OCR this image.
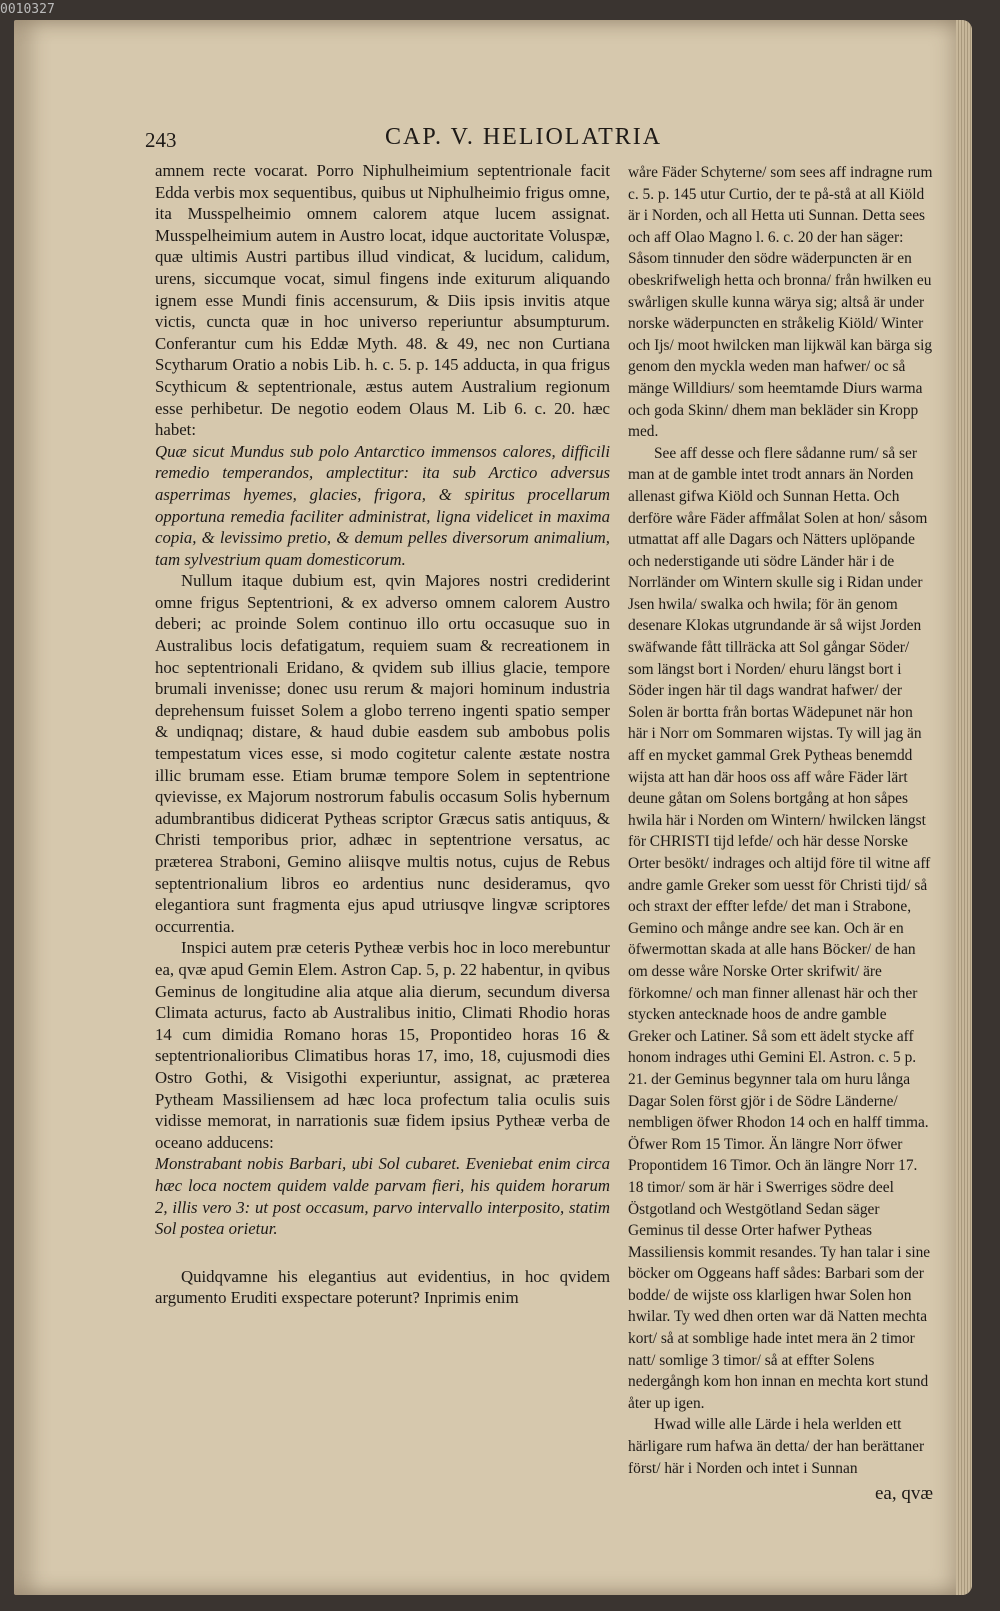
0010327
243	CAP. V. HELIOLATRIA

amnem recte vocarat. Porro Niphulheimium septentrionale facit Edda verbis mox sequentibus, quibus ut Niphulheimio frigus omne, ita Musspelheimio omnem calorem atque lucem assignat. Musspelheimium autem in Austro locat, idque auctoritate Voluspæ, quæ ultimis Austri partibus illud vindicat, & lucidum, calidum, urens, siccumque vocat, simul fingens inde exiturum aliquando ignem esse Mundi finis accensurum, & Diis ipsis invitis atque victis, cuncta quæ in hoc universo reperiuntur absumpturum. Conferantur cum his Eddæ Myth. 48. & 49, nec non Curtiana Scytharum Oratio a nobis Lib. h. c. 5. p. 145 adducta, in qua frigus Scythicum & septentrionale, æstus autem Australium regionum esse perhibetur. De negotio eodem Olaus M. Lib 6. c. 20. hæc habet:

Quæ sicut Mundus sub polo Antarctico immensos calores, difficili remedio temperandos, amplectitur: ita sub Arctico adversus asperrimas hyemes, glacies, frigora, & spiritus procellarum opportuna remedia faciliter administrat, ligna videlicet in maxima copia, & levissimo pretio, & demum pelles diversorum animalium, tam sylvestrium quam domesticorum.

Nullum itaque dubium est, qvin Majores nostri crediderint omne frigus Septentrioni, & ex adverso omnem calorem Austro deberi; ac proinde Solem continuo illo ortu occasuque suo in Australibus locis defatigatum, requiem suam & recreationem in hoc septentrionali Eridano, & qvidem sub illius glacie, tempore brumali invenisse; donec usu rerum & majori hominum industria deprehensum fuisset Solem a globo terreno ingenti spatio semper & undiqnaq; distare, & haud dubie easdem sub ambobus polis tempestatum vices esse, si modo cogitetur calente æstate nostra illic brumam esse. Etiam brumæ tempore Solem in septentrione qvievisse, ex Majorum nostrorum fabulis occasum Solis hybernum adumbrantibus didicerat Pytheas scriptor Græcus satis antiquus, & Christi temporibus prior, adhæc in septentrione versatus, ac præterea Straboni, Gemino aliisqve multis notus, cujus de Rebus septentrionalium libros eo ardentius nunc desideramus, qvo elegantiora sunt fragmenta ejus apud utriusqve lingvæ scriptores occurrentia.

Inspici autem præ ceteris Pytheæ verbis hoc in loco merebuntur ea, qvæ apud Gemin Elem. Astron Cap. 5, p. 22 habentur, in qvibus Geminus de longitudine alia atque alia dierum, secundum diversa Climata acturus, facto ab Australibus initio, Climati Rhodio horas 14 cum dimidia Romano horas 15, Propontideo horas 16 & septentrionalioribus Climatibus horas 17, imo, 18, cujusmodi dies Ostro Gothi, & Visigothi experiuntur, assignat, ac præterea Pytheam Massiliensem ad hæc loca profectum talia oculis suis vidisse memorat, in narrationis suæ fidem ipsius Pytheæ verba de oceano adducens:

Monstrabant nobis Barbari, ubi Sol cubaret. Eveniebat enim circa hæc loca noctem quidem valde parvam fieri, his quidem horarum 2, illis vero 3: ut post occasum, parvo intervallo interposito, statim Sol postea orietur.

Quidqvamne his elegantius aut evidentius, in hoc qvidem argumento Eruditi exspectare poterunt? Inprimis enim

wåre Fäder Schyterne/ som sees aff indragne rum c. 5. p. 145 utur Curtio, der te på-stå at all Kiöld är i Norden, och all Hetta uti Sunnan. Detta sees och aff Olao Magno l. 6. c. 20 der han säger: Såsom tinnuder den södre wäderpuncten är en obeskrifweligh hetta och bronna/ från hwilken eu swårligen skulle kunna wärya sig; altså är under norske wäderpuncten en stråkelig Kiöld/ Winter och Ijs/ moot hwilcken man lijkwäl kan bärga sig genom den myckla weden man hafwer/ oc så mänge Willdiurs/ som heemtamde Diurs warma och goda Skinn/ dhem man bekläder sin Kropp med.

See aff desse och flere sådanne rum/ så ser man at de gamble intet trodt annars än Norden allenast gifwa Kiöld och Sunnan Hetta. Och derföre wåre Fäder affmålat Solen at hon/ såsom utmattat aff alle Dagars och Nätters uplöpande och nederstigande uti södre Länder här i de Norrländer om Wintern skulle sig i Ridan under Jsen hwila/ swalka och hwila; för än genom desenare Klokas utgrundande är så wijst Jorden swäfwande fått tillräcka att Sol gångar Söder/ som längst bort i Norden/ ehuru längst bort i Söder ingen här til dags wandrat hafwer/ der Solen är bortta från bortas Wädepunet när hon här i Norr om Sommaren wijstas. Ty will jag än aff en mycket gammal Grek Pytheas benemdd wijsta att han där hoos oss aff wåre Fäder lärt deune gåtan om Solens bortgång at hon såpes hwila här i Norden om Wintern/ hwilcken längst för CHRISTI tijd lefde/ och här desse Norske Orter besökt/ indrages och altijd före til witne aff andre gamle Greker som uesst för Christi tijd/ så och straxt der effter lefde/ det man i Strabone, Gemino och månge andre see kan. Och är en öfwermottan skada at alle hans Böcker/ de han om desse wåre Norske Orter skrifwit/ äre förkomne/ och man finner allenast här och ther stycken antecknade hoos de andre gamble Greker och Latiner. Så som ett ädelt stycke aff honom indrages uthi Gemini El. Astron. c. 5 p. 21. der Geminus begynner tala om huru långa Dagar Solen först gjör i de Södre Länderne/ nembligen öfwer Rhodon 14 och en halff timma. Öfwer Rom 15 Timor. Än längre Norr öfwer Propontidem 16 Timor. Och än längre Norr 17. 18 timor/ som är här i Swerriges södre deel Östgotland och Westgötland Sedan säger Geminus til desse Orter hafwer Pytheas Massiliensis kommit resandes. Ty han talar i sine böcker om Oggeans haff sådes: Barbari som der bodde/ de wijste oss klarligen hwar Solen hon hwilar. Ty wed dhen orten war dä Natten mechta kort/ så at somblige hade intet mera än 2 timor natt/ somlige 3 timor/ så at effter Solens nedergångh kom hon innan en mechta kort stund åter up igen.

Hwad wille alle Lärde i hela werlden ett härligare rum hafwa än detta/ der han berättaner först/ här i Norden och intet i Sunnan

ea, qvæ
